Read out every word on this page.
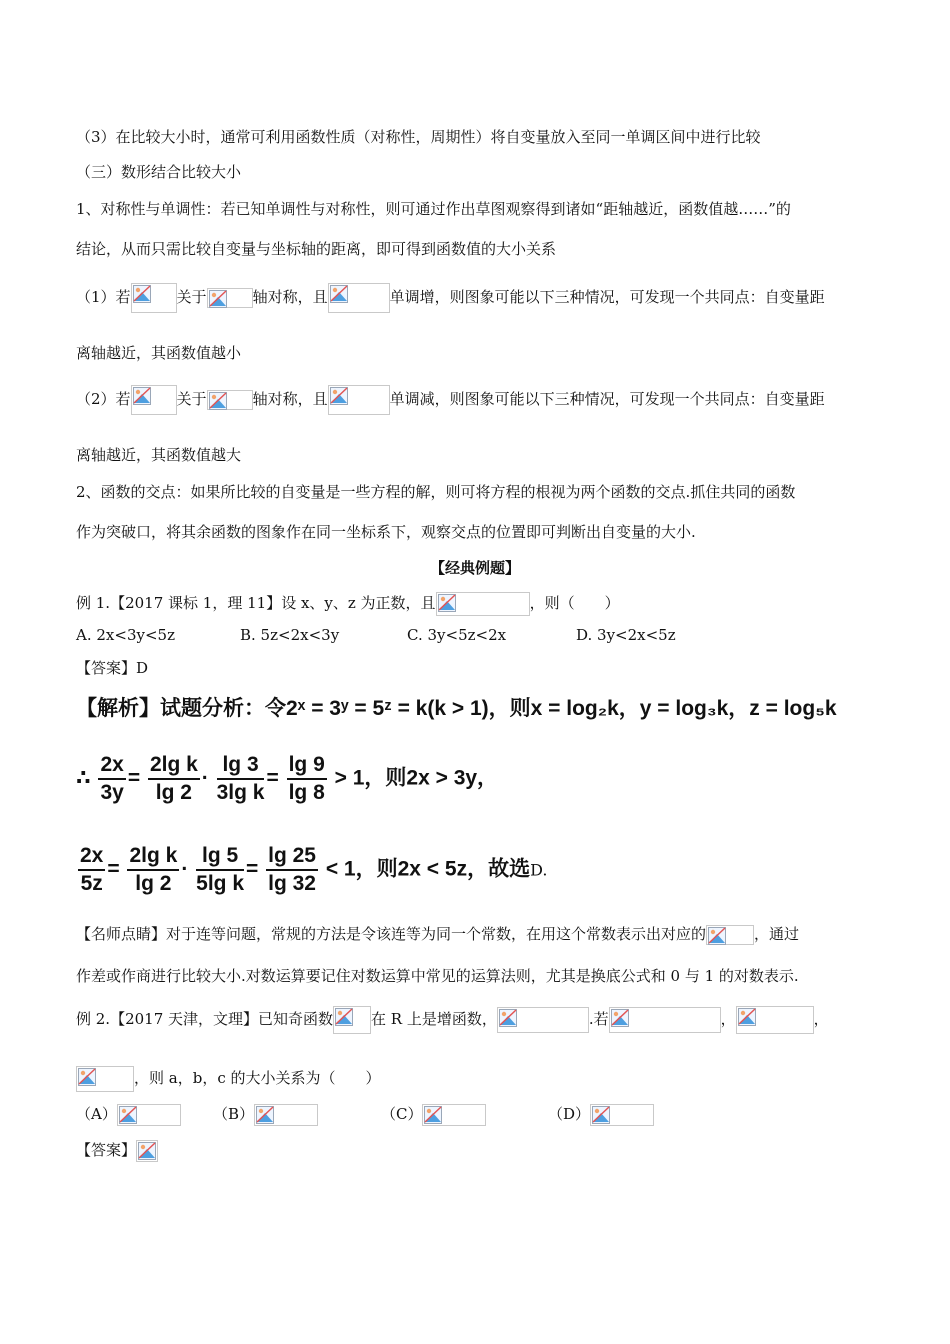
（3）在比较大小时，通常可利用函数性质（对称性，周期性）将自变量放入至同一单调区间中进行比较
（三）数形结合比较大小
1、对称性与单调性：若已知单调性与对称性，则可通过作出草图观察得到诸如“距轴越近，函数值越……”的
结论，从而只需比较自变量与坐标轴的距离，即可得到函数值的大小关系
（1）若	关于	轴对称，且	单调增，则图象可能以下三种情况，可发现一个共同点：自变量距
离轴越近，其函数值越小
（2）若	关于	轴对称，且	单调减，则图象可能以下三种情况，可发现一个共同点：自变量距
离轴越近，其函数值越大
2、函数的交点：如果所比较的自变量是一些方程的解，则可将方程的根视为两个函数的交点.抓住共同的函数
作为突破口，将其余函数的图象作在同一坐标系下，观察交点的位置即可判断出自变量的大小.
【经典例题】
例 1.【2017 课标 1，理 11】设 x、y、z 为正数，且	，则（　　）
A. 2x<3y<5z	B. 5z<2x<3y	C. 3y<5z<2x	D. 3y<2x<5z
【答案】D
【解析】试题分析：令2ˣ = 3ʸ = 5ᶻ = k(k > 1)，则x = log₂k，y = log₃k，z = log₅k
∴ $\frac{2x}{3y} = \frac{\text{2lg k}}{\lg 2} \cdot \frac{\lg 3}{\text{3lg k}} = \frac{\lg 9}{\lg 8} > 1$，则2x > 3y，
$\frac{2x}{5z} = \frac{\text{2lg k}}{\lg 2} \cdot \frac{\lg 5}{\text{5lg k}} = \frac{\lg 25}{\lg 32} < 1$，则2x < 5z，故选D.
【名师点睛】对于连等问题，常规的方法是令该连等为同一个常数，在用这个常数表示出对应的	，通过
作差或作商进行比较大小.对数运算要记住对数运算中常见的运算法则，尤其是换底公式和 0 与 1 的对数表示.
例 2.【2017 天津，文理】已知奇函数	在 R 上是增函数，	.若	，	，
，则 a，b，c 的大小关系为（　　）
（A）	（B）	（C）	（D）
【答案】
